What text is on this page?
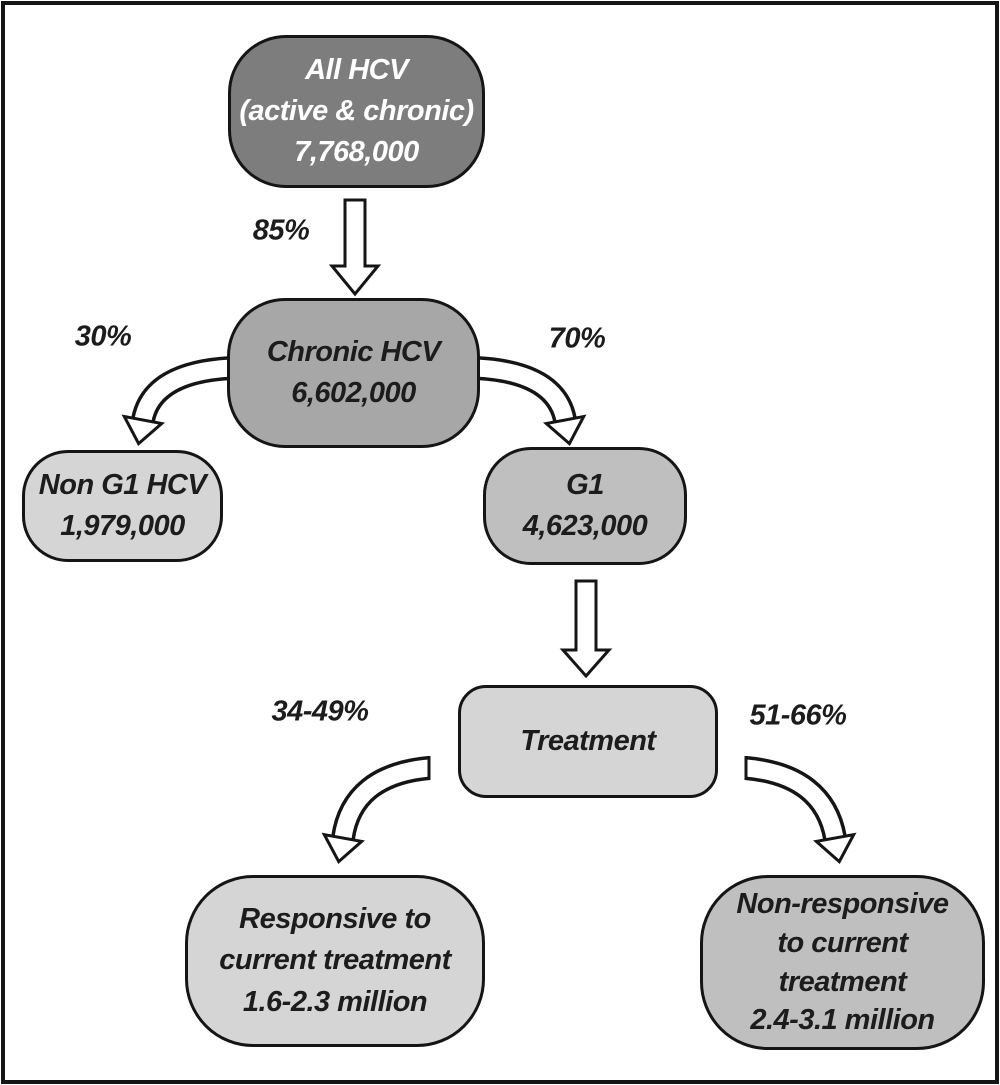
All HCV
(active & chronic)
7,768,000
Chronic HCV
6,602,000
Non G1 HCV
1,979,000
G1
4,623,000
Treatment
Responsive to
current treatment
1.6-2.3 million
Non-responsive
to current
treatment
2.4-3.1 million
85%
30%	70%
34-49%	51-66%
